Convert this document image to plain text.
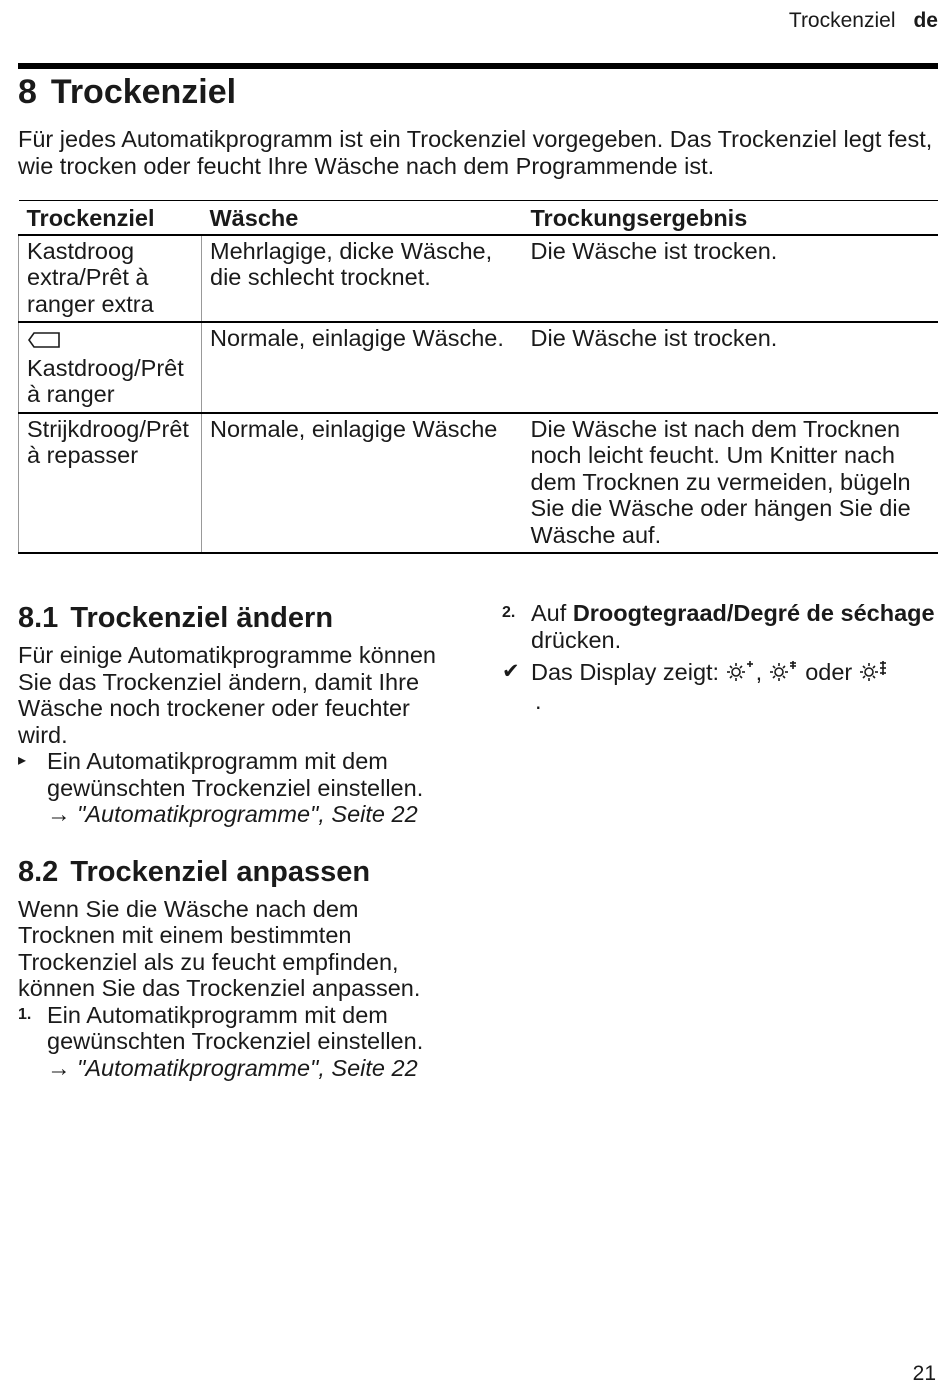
Trockenziel de
8 Trockenziel

Für jedes Automatikprogramm ist ein Trockenziel vorgegeben. Das Trockenziel legt fest, wie trocken oder feucht Ihre Wäsche nach dem Programmende ist.

Trockenziel	Wäsche	Trockungsergebnis
Kastdroog extra/Prêt à ranger extra	Mehrlagige, dicke Wäsche, die schlecht trocknet.	Die Wäsche ist trocken.
Kastdroog/Prêt à ranger	Normale, einlagige Wäsche.	Die Wäsche ist trocken.
Strijkdroog/Prêt à repasser	Normale, einlagige Wäsche	Die Wäsche ist nach dem Trocknen noch leicht feucht. Um Knitter nach dem Trocknen zu vermeiden, bügeln Sie die Wäsche oder hängen Sie die Wäsche auf.
8.1 Trockenziel ändern

Für einige Automatikprogramme können Sie das Trockenziel ändern, damit Ihre Wäsche noch trockener oder feuchter wird.

▸ Ein Automatikprogramm mit dem gewünschten Trockenziel einstellen.
→ "Automatikprogramme", Seite 22
8.2 Trockenziel anpassen

Wenn Sie die Wäsche nach dem Trocknen mit einem bestimmten Trockenziel als zu feucht empfinden, können Sie das Trockenziel anpassen.

1. Ein Automatikprogramm mit dem gewünschten Trockenziel einstellen.
→ "Automatikprogramme", Seite 22
2. Auf Droogtegraad/Degré de séchage drücken.
✔ Das Display zeigt: , oder
.
21
